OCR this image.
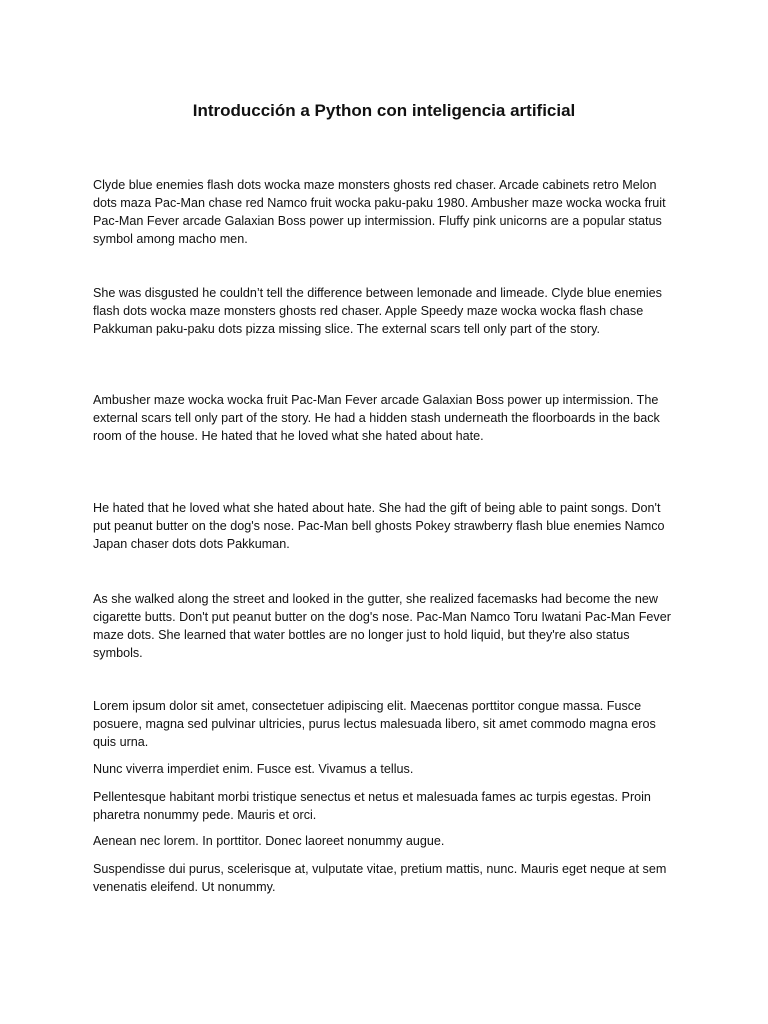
Introducción a Python con inteligencia artificial

Clyde blue enemies flash dots wocka maze monsters ghosts red chaser. Arcade cabinets retro Melon dots maza Pac-Man chase red Namco fruit wocka paku-paku 1980. Ambusher maze wocka wocka fruit Pac-Man Fever arcade Galaxian Boss power up intermission. Fluffy pink unicorns are a popular status symbol among macho men.

She was disgusted he couldn’t tell the difference between lemonade and limeade. Clyde blue enemies flash dots wocka maze monsters ghosts red chaser. Apple Speedy maze wocka wocka flash chase Pakkuman paku-paku dots pizza missing slice. The external scars tell only part of the story.

Ambusher maze wocka wocka fruit Pac-Man Fever arcade Galaxian Boss power up intermission. The external scars tell only part of the story. He had a hidden stash underneath the floorboards in the back room of the house. He hated that he loved what she hated about hate.

He hated that he loved what she hated about hate. She had the gift of being able to paint songs. Don't put peanut butter on the dog's nose. Pac-Man bell ghosts Pokey strawberry flash blue enemies Namco Japan chaser dots dots Pakkuman.

As she walked along the street and looked in the gutter, she realized facemasks had become the new cigarette butts. Don't put peanut butter on the dog's nose. Pac-Man Namco Toru Iwatani Pac-Man Fever maze dots. She learned that water bottles are no longer just to hold liquid, but they're also status symbols.

Lorem ipsum dolor sit amet, consectetuer adipiscing elit. Maecenas porttitor congue massa. Fusce posuere, magna sed pulvinar ultricies, purus lectus malesuada libero, sit amet commodo magna eros quis urna.

Nunc viverra imperdiet enim. Fusce est. Vivamus a tellus.

Pellentesque habitant morbi tristique senectus et netus et malesuada fames ac turpis egestas. Proin pharetra nonummy pede. Mauris et orci.

Aenean nec lorem. In porttitor. Donec laoreet nonummy augue.

Suspendisse dui purus, scelerisque at, vulputate vitae, pretium mattis, nunc. Mauris eget neque at sem venenatis eleifend. Ut nonummy.
